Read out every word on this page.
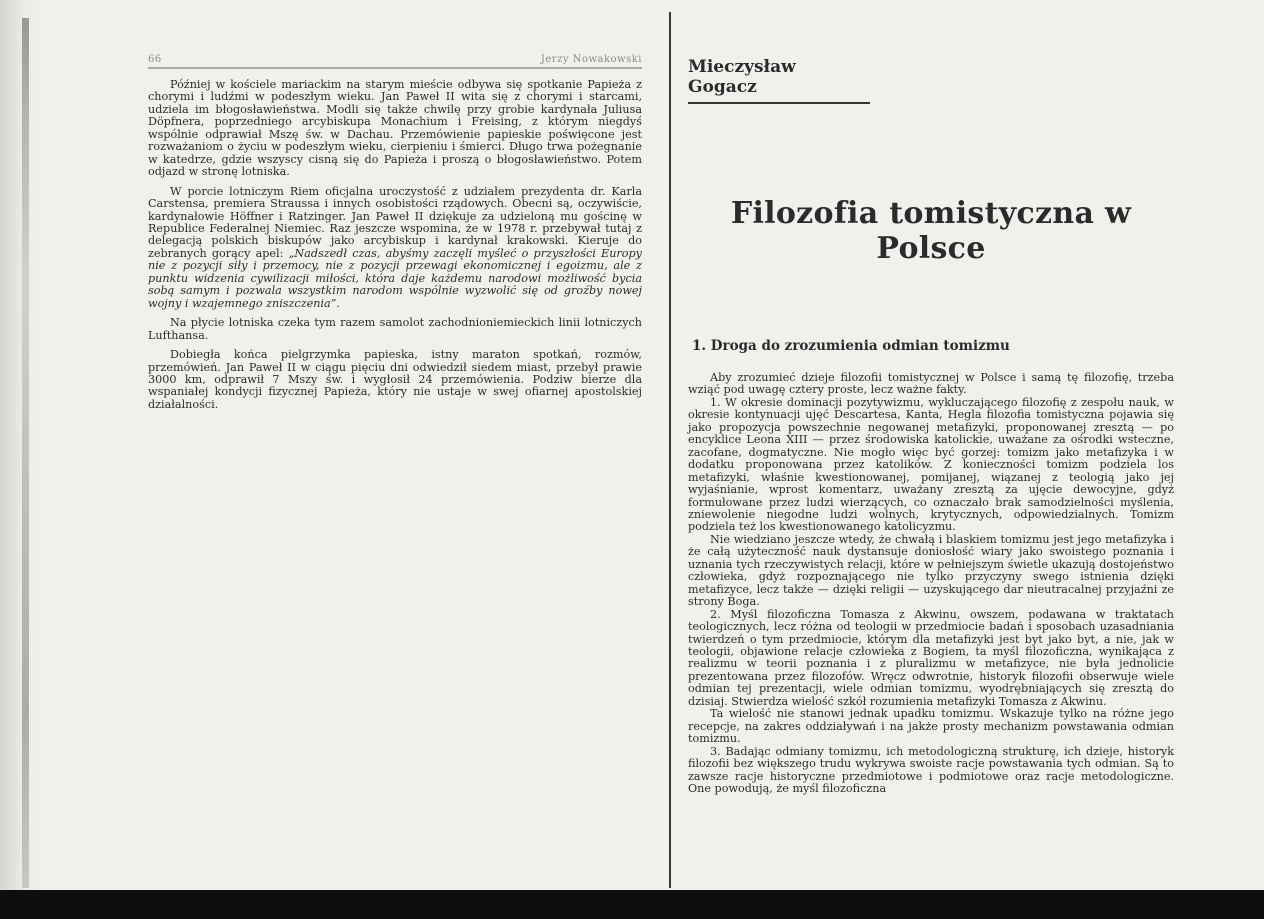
66	Jerzy Nowakowski

Później w kościele mariackim na starym mieście odbywa się spotkanie Papieża z chorymi i ludźmi w podeszłym wieku. Jan Paweł II wita się z chorymi i starcami, udziela im błogosławieństwa. Modli się także chwilę przy grobie kardynała Juliusa Döpfnera, poprzedniego arcybiskupa Monachium i Freising, z którym niegdyś wspólnie odprawiał Mszę św. w Dachau. Przemówienie papieskie poświęcone jest rozważaniom o życiu w podeszłym wieku, cierpieniu i śmierci. Długo trwa pożegnanie w katedrze, gdzie wszyscy cisną się do Papieża i proszą o błogosławieństwo. Potem odjazd w stronę lotniska.

W porcie lotniczym Riem oficjalna uroczystość z udziałem prezydenta dr. Karla Carstensa, premiera Straussa i innych osobistości rządowych. Obecni są, oczywiście, kardynałowie Höffner i Ratzinger. Jan Paweł II dziękuje za udzieloną mu gościnę w Republice Federalnej Niemiec. Raz jeszcze wspomina, że w 1978 r. przebywał tutaj z delegacją polskich biskupów jako arcybiskup i kardynał krakowski. Kieruje do zebranych gorący apel: „Nadszedł czas, abyśmy zaczęli myśleć o przyszłości Europy nie z pozycji siły i przemocy, nie z pozycji przewagi ekonomicznej i egoizmu, ale z punktu widzenia cywilizacji miłości, która daje każdemu narodowi możliwość bycia sobą samym i pozwala wszystkim narodom wspólnie wyzwolić się od groźby nowej wojny i wzajemnego zniszczenia”.

Na płycie lotniska czeka tym razem samolot zachodnioniemieckich linii lotniczych Lufthansa.

Dobiegła końca pielgrzymka papieska, istny maraton spotkań, rozmów, przemówień. Jan Paweł II w ciągu pięciu dni odwiedził siedem miast, przebył prawie 3000 km, odprawił 7 Mszy św. i wygłosił 24 przemówienia. Podziw bierze dla wspaniałej kondycji fizycznej Papieża, który nie ustaje w swej ofiarnej apostolskiej działalności.

Mieczysław Gogacz
Filozofia tomistyczna w Polsce
1. Droga do zrozumienia odmian tomizmu

Aby zrozumieć dzieje filozofii tomistycznej w Polsce i samą tę filozofię, trzeba wziąć pod uwagę cztery proste, lecz ważne fakty.

1. W okresie dominacji pozytywizmu, wykluczającego filozofię z zespołu nauk, w okresie kontynuacji ujęć Descartesa, Kanta, Hegla filozofia tomistyczna pojawia się jako propozycja powszechnie negowanej metafizyki, proponowanej zresztą — po encyklice Leona XIII — przez środowiska katolickie, uważane za ośrodki wsteczne, zacofane, dogmatyczne. Nie mogło więc być gorzej: tomizm jako metafizyka i w dodatku proponowana przez katolików. Z konieczności tomizm podziela los metafizyki, właśnie kwestionowanej, pomijanej, wiązanej z teologią jako jej wyjaśnianie, wprost komentarz, uważany zresztą za ujęcie dewocyjne, gdyż formułowane przez ludzi wierzących, co oznaczało brak samodzielności myślenia, zniewolenie niegodne ludzi wolnych, krytycznych, odpowiedzialnych. Tomizm podziela też los kwestionowanego katolicyzmu.

Nie wiedziano jeszcze wtedy, że chwałą i blaskiem tomizmu jest jego metafizyka i że całą użyteczność nauk dystansuje doniosłość wiary jako swoistego poznania i uznania tych rzeczywistych relacji, które w pełniejszym świetle ukazują dostojeństwo człowieka, gdyż rozpoznającego nie tylko przyczyny swego istnienia dzięki metafizyce, lecz także — dzięki religii — uzyskującego dar nieutracalnej przyjaźni ze strony Boga.

2. Myśl filozoficzna Tomasza z Akwinu, owszem, podawana w traktatach teologicznych, lecz różna od teologii w przedmiocie badań i sposobach uzasadniania twierdzeń o tym przedmiocie, którym dla metafizyki jest byt jako byt, a nie, jak w teologii, objawione relacje człowieka z Bogiem, ta myśl filozoficzna, wynikająca z realizmu w teorii poznania i z pluralizmu w metafizyce, nie była jednolicie prezentowana przez filozofów. Wręcz odwrotnie, historyk filozofii obserwuje wiele odmian tej prezentacji, wiele odmian tomizmu, wyodrębniających się zresztą do dzisiaj. Stwierdza wielość szkół rozumienia metafizyki Tomasza z Akwinu.

Ta wielość nie stanowi jednak upadku tomizmu. Wskazuje tylko na różne jego recepcje, na zakres oddziaływań i na jakże prosty mechanizm powstawania odmian tomizmu.

3. Badając odmiany tomizmu, ich metodologiczną strukturę, ich dzieje, historyk filozofii bez większego trudu wykrywa swoiste racje powstawania tych odmian. Są to zawsze racje historyczne przedmiotowe i podmiotowe oraz racje metodologiczne. One powodują, że myśl filozoficzna
